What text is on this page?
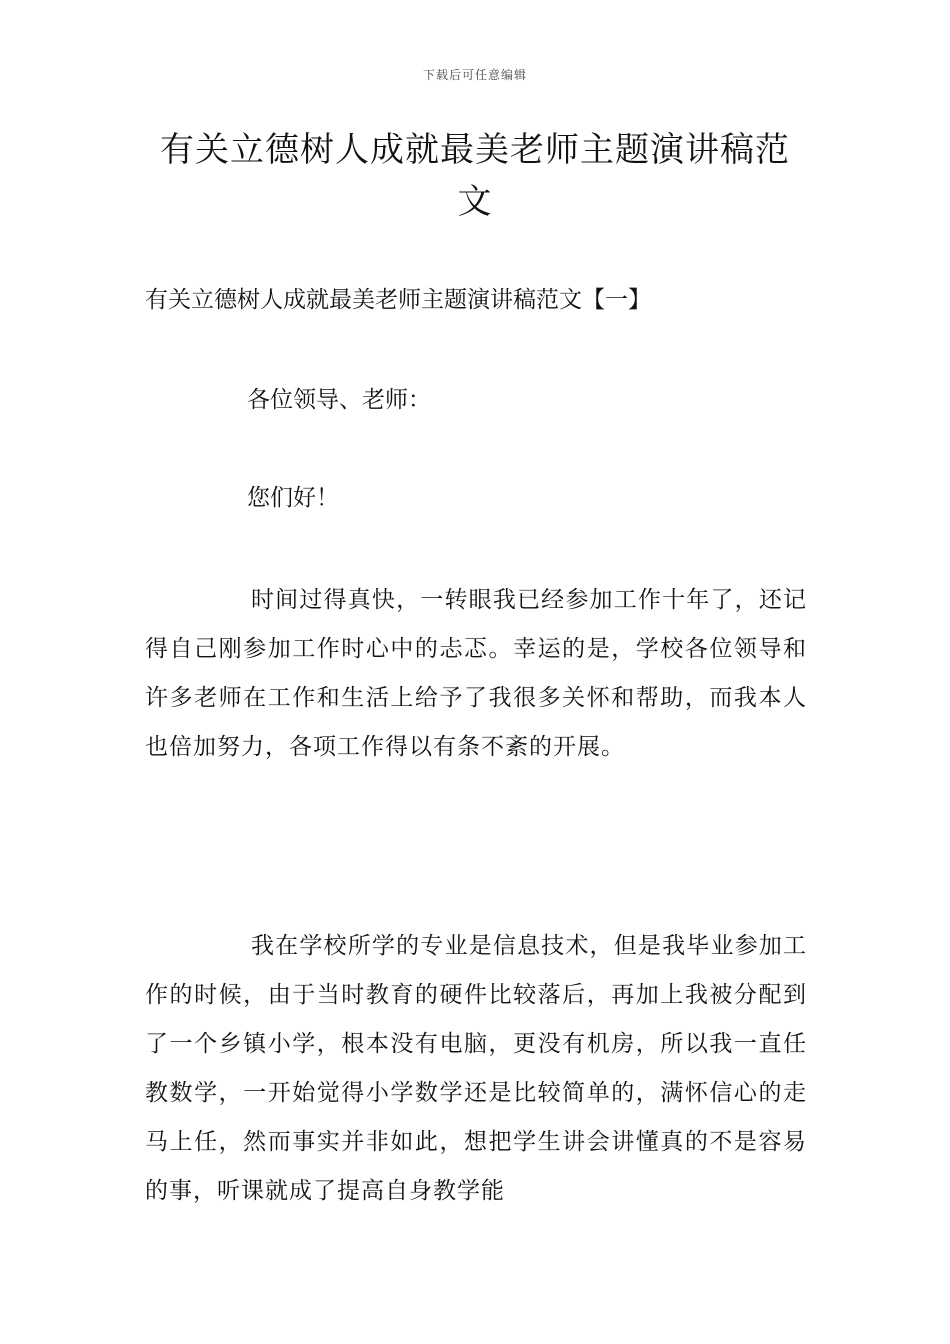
下载后可任意编辑
有关立德树人成就最美老师主题演讲稿范文
有关立德树人成就最美老师主题演讲稿范文【一】
各位领导、老师：
您们好！

时间过得真快，一转眼我已经参加工作十年了，还记得自己刚参加工作时心中的忐忑。幸运的是，学校各位领导和许多老师在工作和生活上给予了我很多关怀和帮助，而我本人也倍加努力，各项工作得以有条不紊的开展。

我在学校所学的专业是信息技术，但是我毕业参加工作的时候，由于当时教育的硬件比较落后，再加上我被分配到了一个乡镇小学，根本没有电脑，更没有机房，所以我一直任教数学，一开始觉得小学数学还是比较简单的，满怀信心的走马上任，然而事实并非如此，想把学生讲会讲懂真的不是容易的事，听课就成了提高自身教学能
